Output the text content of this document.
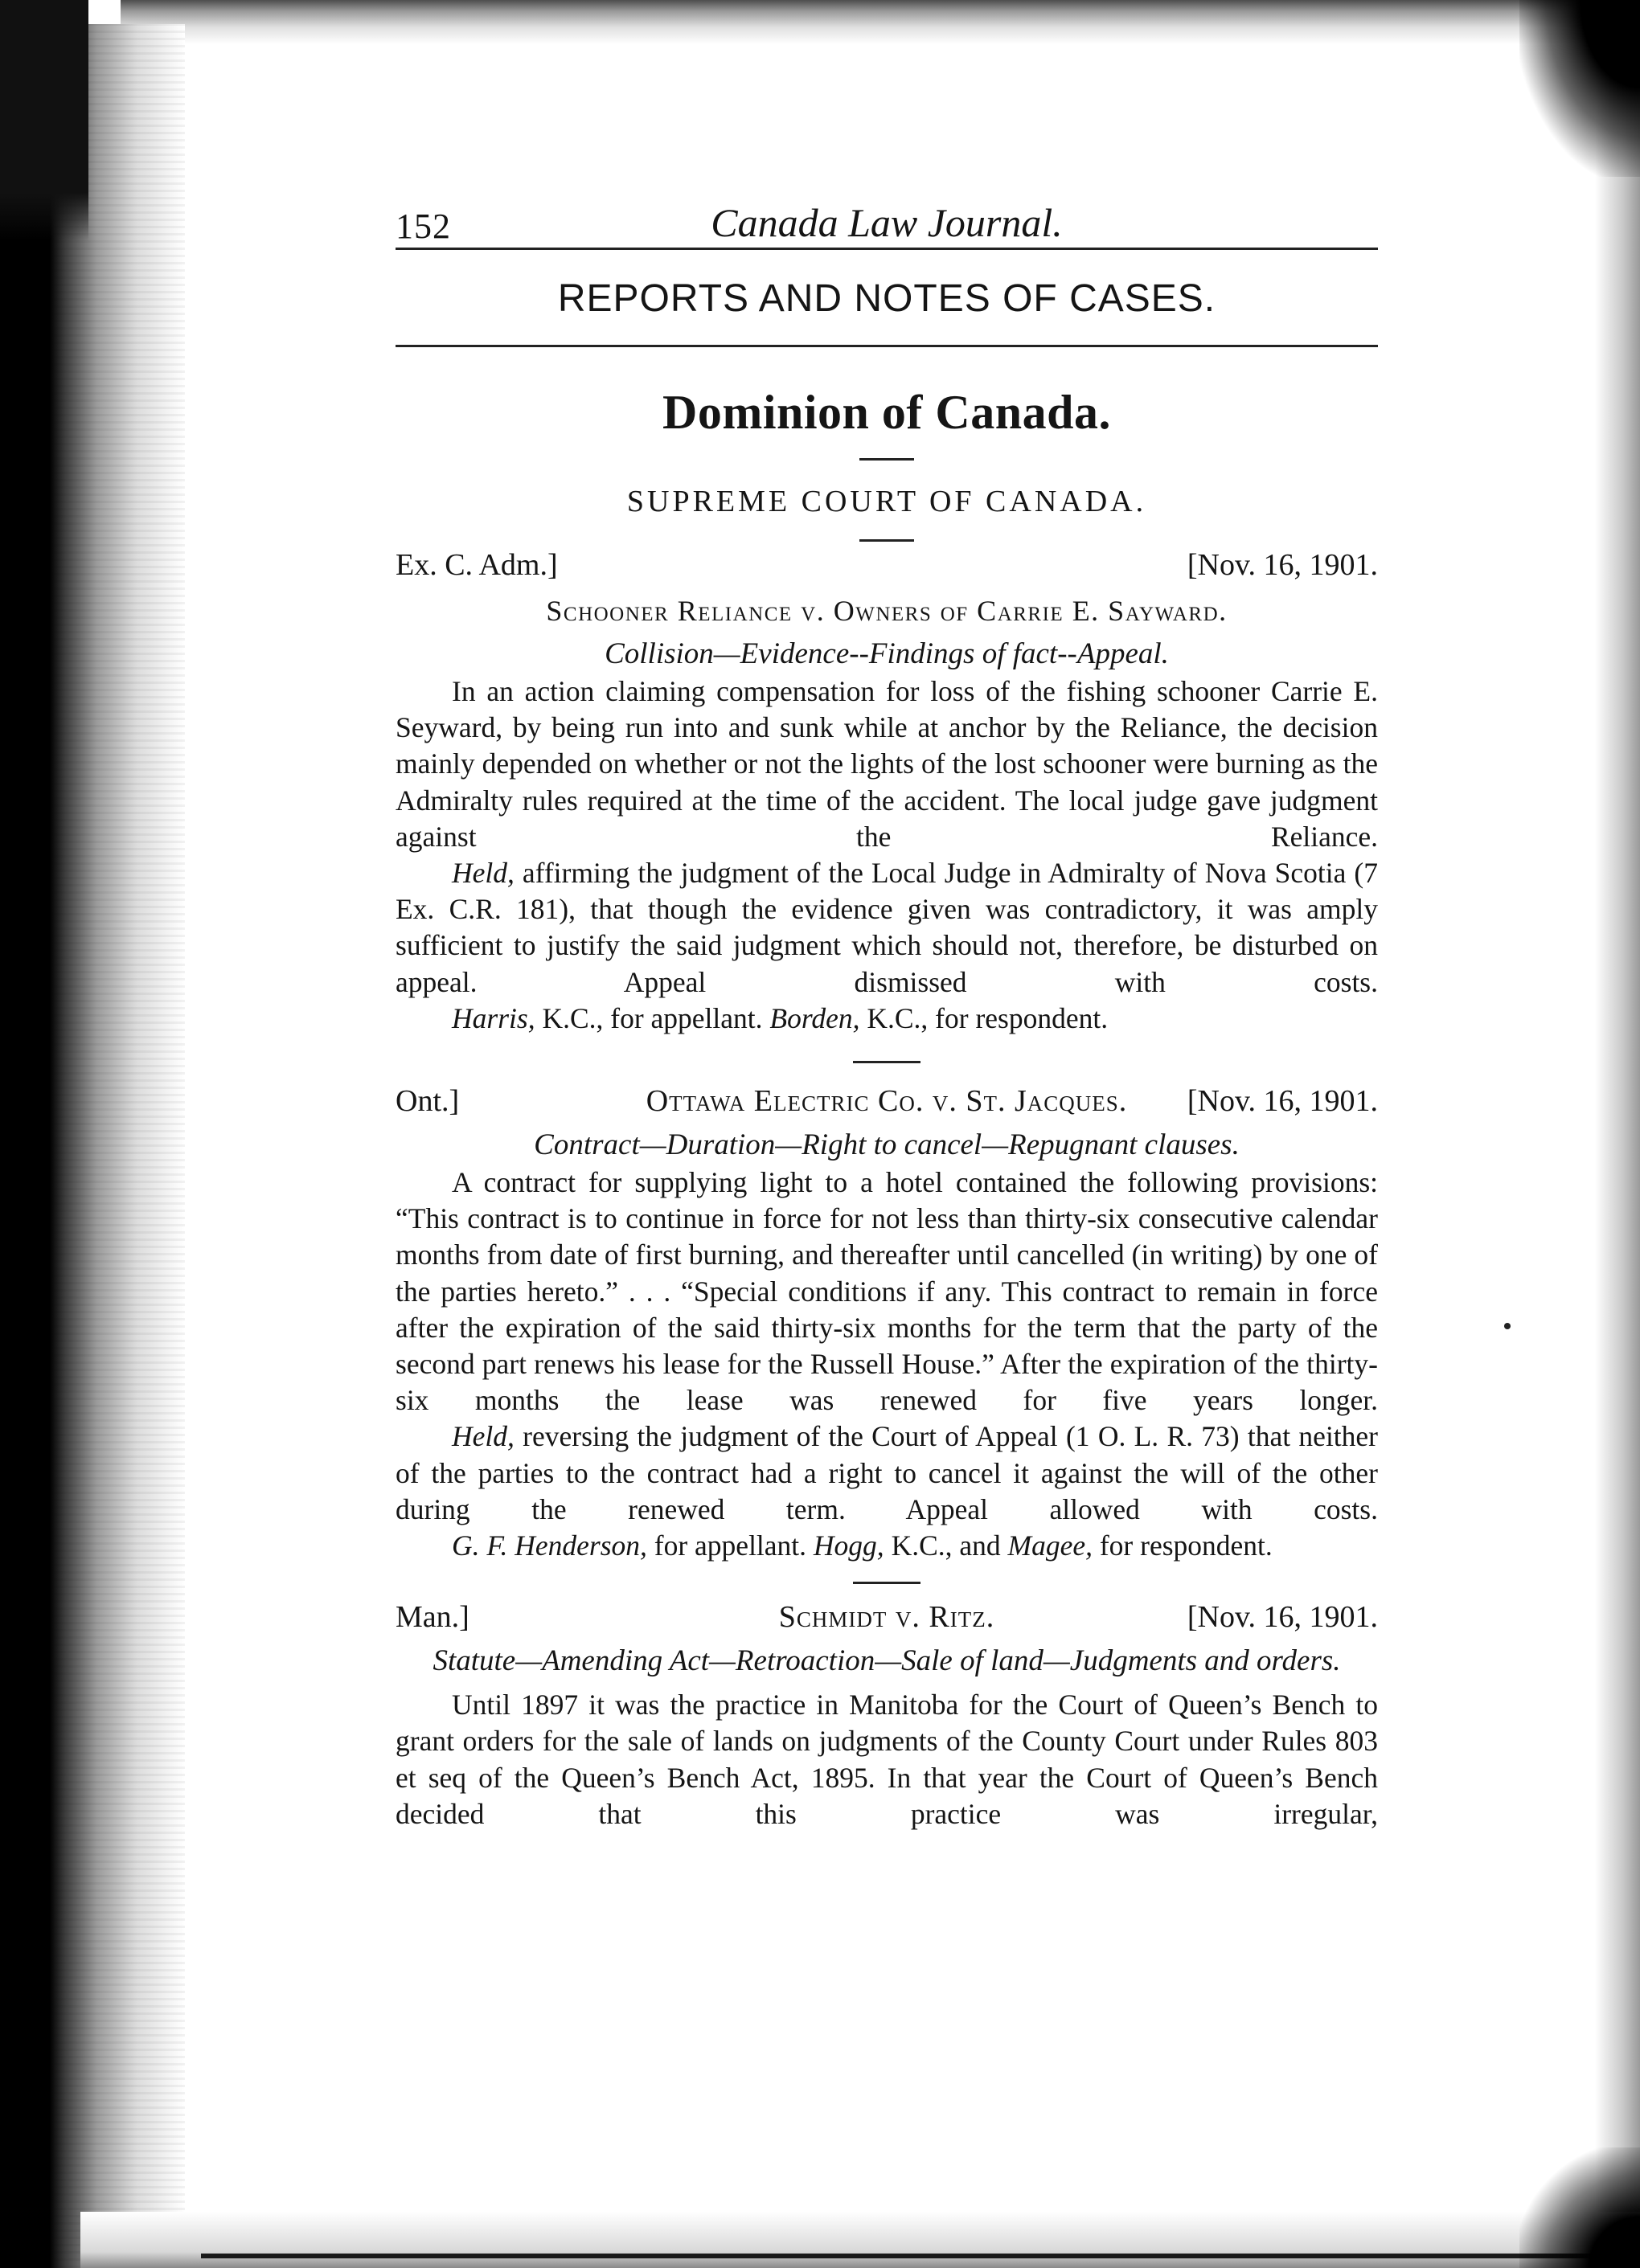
152	Canada Law Journal.
REPORTS AND NOTES OF CASES.
Dominion of Canada.
SUPREME COURT OF CANADA.
Ex. C. Adm.]	[Nov. 16, 1901.
Schooner Reliance v. Owners of Carrie E. Sayward.
Collision—Evidence--Findings of fact--Appeal.

In an action claiming compensation for loss of the fishing schooner Carrie E. Seyward, by being run into and sunk while at anchor by the Reliance, the decision mainly depended on whether or not the lights of the lost schooner were burning as the Admiralty rules required at the time of the accident. The local judge gave judgment against the Reliance.

Held, affirming the judgment of the Local Judge in Admiralty of Nova Scotia (7 Ex. C.R. 181), that though the evidence given was contradictory, it was amply sufficient to justify the said judgment which should not, therefore, be disturbed on appeal. Appeal dismissed with costs.

Harris, K.C., for appellant. Borden, K.C., for respondent.

Ont.]	Ottawa Electric Co. v. St. Jacques.	[Nov. 16, 1901.
Contract—Duration—Right to cancel—Repugnant clauses.

A contract for supplying light to a hotel contained the following provisions: “This contract is to continue in force for not less than thirty-six consecutive calendar months from date of first burning, and thereafter until cancelled (in writing) by one of the parties hereto.” . . . “Special conditions if any. This contract to remain in force after the expiration of the said thirty-six months for the term that the party of the second part renews his lease for the Russell House.” After the expiration of the thirty-six months the lease was renewed for five years longer.

Held, reversing the judgment of the Court of Appeal (1 O. L. R. 73) that neither of the parties to the contract had a right to cancel it against the will of the other during the renewed term. Appeal allowed with costs.

G. F. Henderson, for appellant. Hogg, K.C., and Magee, for respondent.

Man.]	Schmidt v. Ritz.	[Nov. 16, 1901.
Statute—Amending Act—Retroaction—Sale of land—Judgments and orders.

Until 1897 it was the practice in Manitoba for the Court of Queen’s Bench to grant orders for the sale of lands on judgments of the County Court under Rules 803 et seq of the Queen’s Bench Act, 1895. In that year the Court of Queen’s Bench decided that this practice was irregular,
